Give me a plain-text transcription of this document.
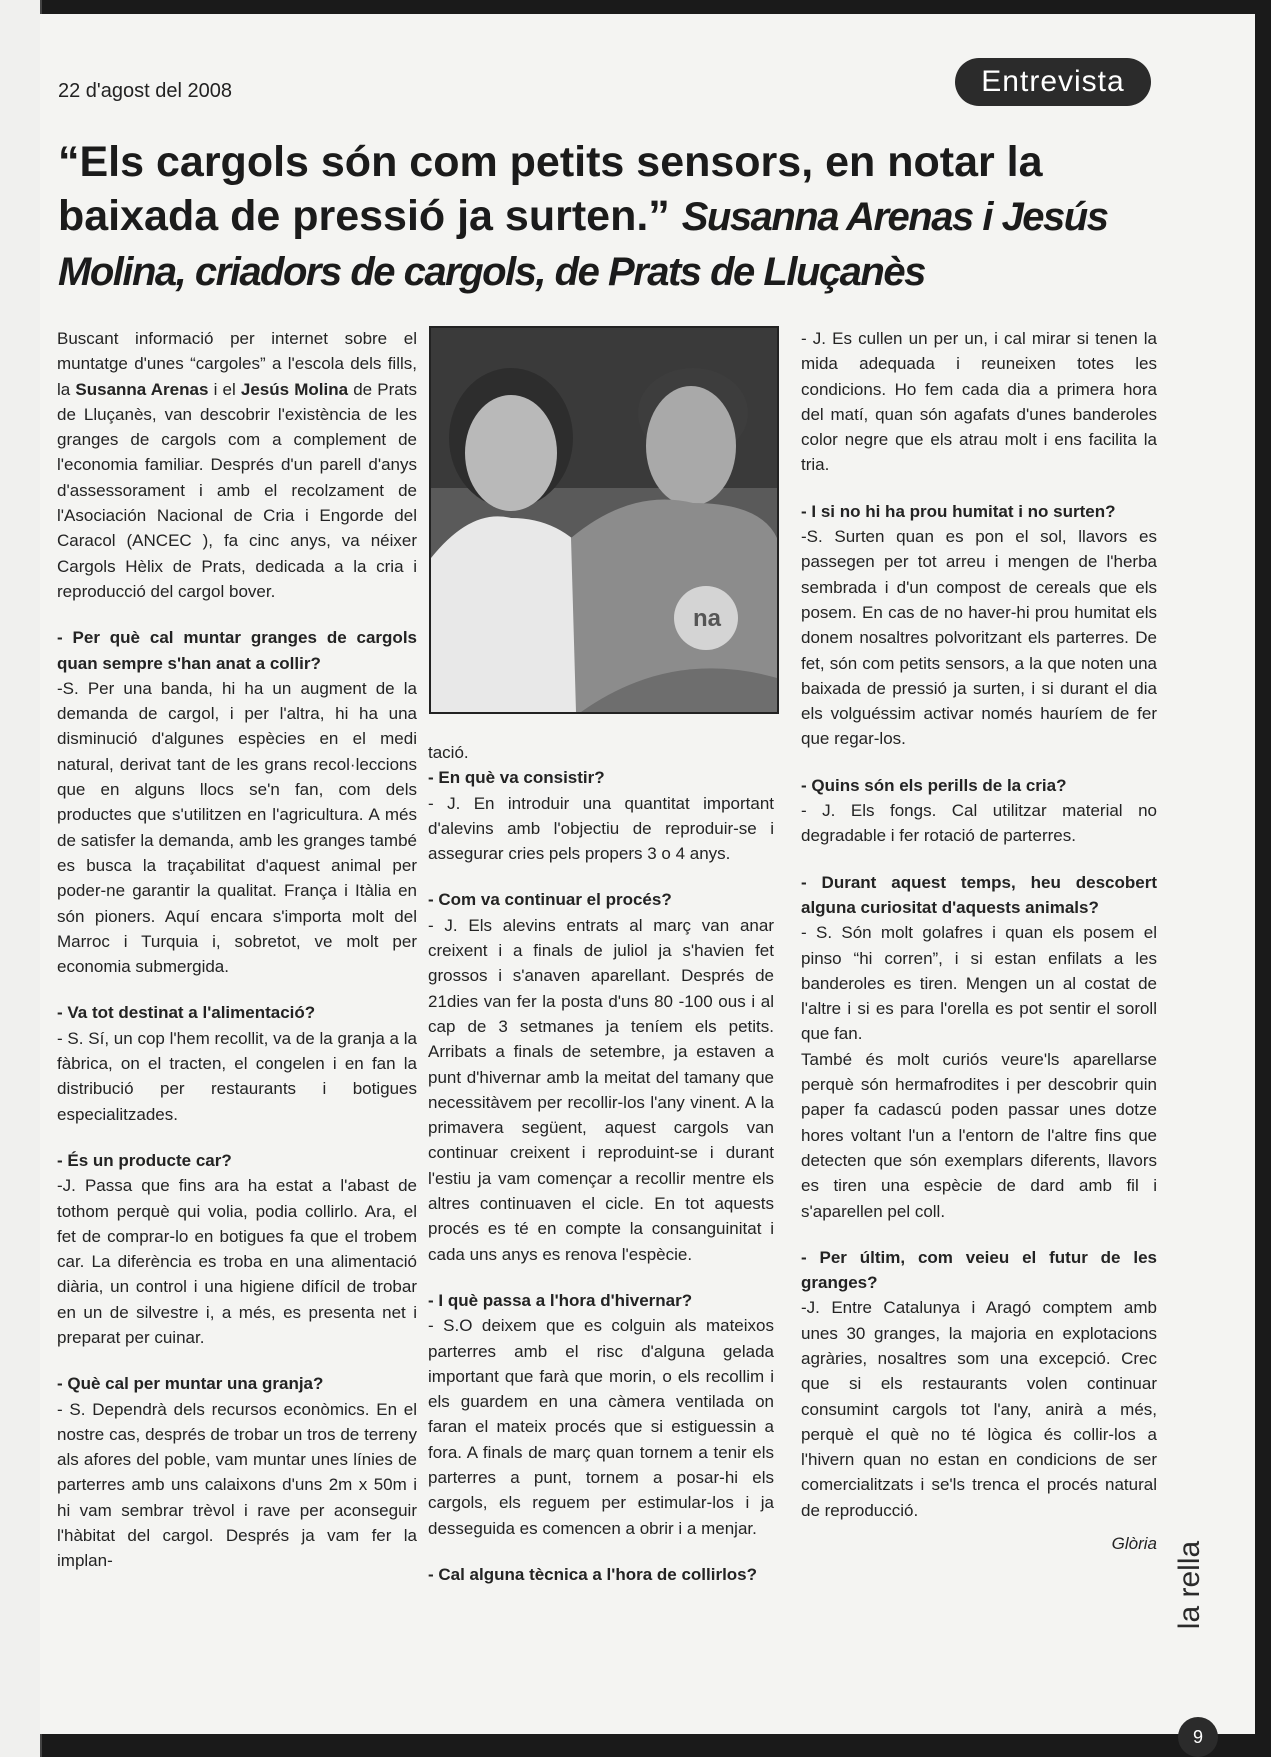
22 d'agost del 2008	Entrevista
“Els cargols són com petits sensors, en notar la baixada de pressió ja surten.” Susanna Arenas i Jesús Molina, criadors de cargols, de Prats de Lluçanès

Buscant informació per internet sobre el muntatge d'unes “cargoles” a l'escola dels fills, la Susanna Arenas i el Jesús Molina de Prats de Lluçanès, van descobrir l'existència de les granges de cargols com a complement de l'economia familiar. Després d'un parell d'anys d'assessorament i amb el recolzament de l'Asociación Nacional de Cria i Engorde del Caracol (ANCEC ), fa cinc anys, va néixer Cargols Hèlix de Prats, dedicada a la cria i reproducció del cargol bover.

- Per què cal muntar granges de cargols quan sempre s'han anat a collir?
-S. Per una banda, hi ha un augment de la demanda de cargol, i per l'altra, hi ha una disminució d'algunes espècies en el medi natural, derivat tant de les grans recol·leccions que en alguns llocs se'n fan, com dels productes que s'utilitzen en l'agricultura. A més de satisfer la demanda, amb les granges també es busca la traçabilitat d'aquest animal per poder-ne garantir la qualitat. França i Itàlia en són pioners. Aquí encara s'importa molt del Marroc i Turquia i, sobretot, ve molt per economia submergida.

- Va tot destinat a l'alimentació?
- S. Sí, un cop l'hem recollit, va de la granja a la fàbrica, on el tracten, el congelen i en fan la distribució per restaurants i botigues especialitzades.

- És un producte car?
-J. Passa que fins ara ha estat a l'abast de tothom perquè qui volia, podia collirlo. Ara, el fet de comprar-lo en botigues fa que el trobem car. La diferència es troba en una alimentació diària, un control i una higiene difícil de trobar en un de silvestre i, a més, es presenta net i preparat per cuinar.

- Què cal per muntar una granja?
- S. Dependrà dels recursos econòmics. En el nostre cas, després de trobar un tros de terreny als afores del poble, vam muntar unes línies de parterres amb uns calaixons d'uns 2m x 50m i hi vam sembrar trèvol i rave per aconseguir l'hàbitat del cargol. Després ja vam fer la implan-

na

tació.

- En què va consistir?
- J. En introduir una quantitat important d'alevins amb l'objectiu de reproduir-se i assegurar cries pels propers 3 o 4 anys.

- Com va continuar el procés?
- J. Els alevins entrats al març van anar creixent i a finals de juliol ja s'havien fet grossos i s'anaven aparellant. Després de 21dies van fer la posta d'uns 80 -100 ous i al cap de 3 setmanes ja teníem els petits. Arribats a finals de setembre, ja estaven a punt d'hivernar amb la meitat del tamany que necessitàvem per recollir-los l'any vinent. A la primavera següent, aquest cargols van continuar creixent i reproduint-se i durant l'estiu ja vam començar a recollir mentre els altres continuaven el cicle. En tot aquests procés es té en compte la consanguinitat i cada uns anys es renova l'espècie.

- I què passa a l'hora d'hivernar?
- S.O deixem que es colguin als mateixos parterres amb el risc d'alguna gelada important que farà que morin, o els recollim i els guardem en una càmera ventilada on faran el mateix procés que si estiguessin a fora. A finals de març quan tornem a tenir els parterres a punt, tornem a posar-hi els cargols, els reguem per estimular-los i ja desseguida es comencen a obrir i a menjar.

- Cal alguna tècnica a l'hora de collirlos?

- J. Es cullen un per un, i cal mirar si tenen la mida adequada i reuneixen totes les condicions. Ho fem cada dia a primera hora del matí, quan són agafats d'unes banderoles color negre que els atrau molt i ens facilita la tria.

- I si no hi ha prou humitat i no surten?
-S. Surten quan es pon el sol, llavors es passegen per tot arreu i mengen de l'herba sembrada i d'un compost de cereals que els posem. En cas de no haver-hi prou humitat els donem nosaltres polvoritzant els parterres. De fet, són com petits sensors, a la que noten una baixada de pressió ja surten, i si durant el dia els volguéssim activar només hauríem de fer que regar-los.

- Quins són els perills de la cria?
- J. Els fongs. Cal utilitzar material no degradable i fer rotació de parterres.

- Durant aquest temps, heu descobert alguna curiositat d'aquests animals?
- S. Són molt golafres i quan els posem el pinso “hi corren”, i si estan enfilats a les banderoles es tiren. Mengen un al costat de l'altre i si es para l'orella es pot sentir el soroll que fan.

També és molt curiós veure'ls aparellarse perquè són hermafrodites i per descobrir quin paper fa cadascú poden passar unes dotze hores voltant l'un a l'entorn de l'altre fins que detecten que són exemplars diferents, llavors es tiren una espècie de dard amb fil i s'aparellen pel coll.

- Per últim, com veieu el futur de les granges?
-J. Entre Catalunya i Aragó comptem amb unes 30 granges, la majoria en explotacions agràries, nosaltres som una excepció. Crec que si els restaurants volen continuar consumint cargols tot l'any, anirà a més, perquè el què no té lògica és collir-los a l'hivern quan no estan en condicions de ser comercialitzats i se'ls trenca el procés natural de reproducció.

Glòria la rella
9
